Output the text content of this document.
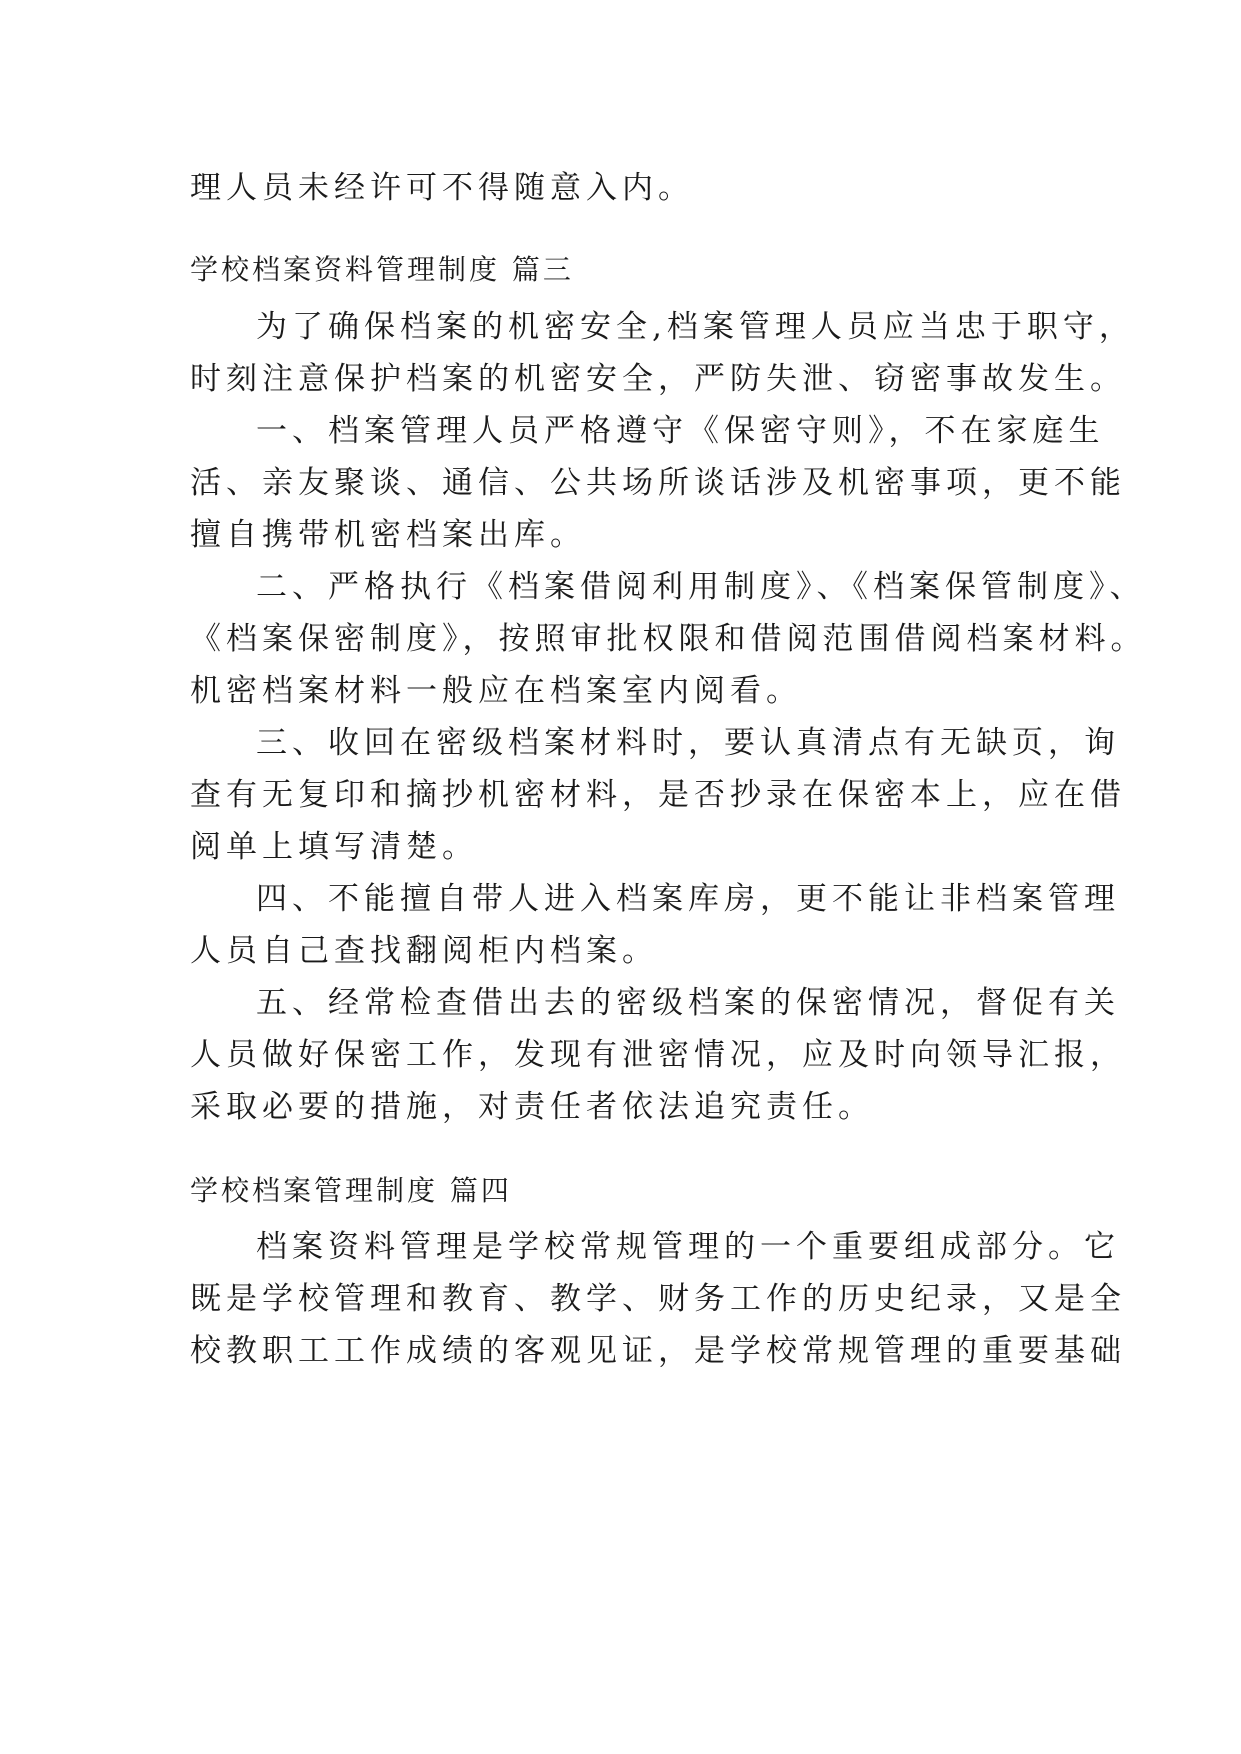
理人员未经许可不得随意入内。
学校档案资料管理制度 篇三
为了确保档案的机密安全,档案管理人员应当忠于职守，
时刻注意保护档案的机密安全，严防失泄、窃密事故发生。
一、档案管理人员严格遵守《保密守则》，不在家庭生
活、亲友聚谈、通信、公共场所谈话涉及机密事项，更不能
擅自携带机密档案出库。
二、严格执行《档案借阅利用制度》、《档案保管制度》、
《档案保密制度》，按照审批权限和借阅范围借阅档案材料。
机密档案材料一般应在档案室内阅看。
三、收回在密级档案材料时，要认真清点有无缺页，询
查有无复印和摘抄机密材料，是否抄录在保密本上，应在借
阅单上填写清楚。
四、不能擅自带人进入档案库房，更不能让非档案管理
人员自己查找翻阅柜内档案。
五、经常检查借出去的密级档案的保密情况，督促有关
人员做好保密工作，发现有泄密情况，应及时向领导汇报，
采取必要的措施，对责任者依法追究责任。
学校档案管理制度 篇四
档案资料管理是学校常规管理的一个重要组成部分。它
既是学校管理和教育、教学、财务工作的历史纪录，又是全
校教职工工作成绩的客观见证，是学校常规管理的重要基础
